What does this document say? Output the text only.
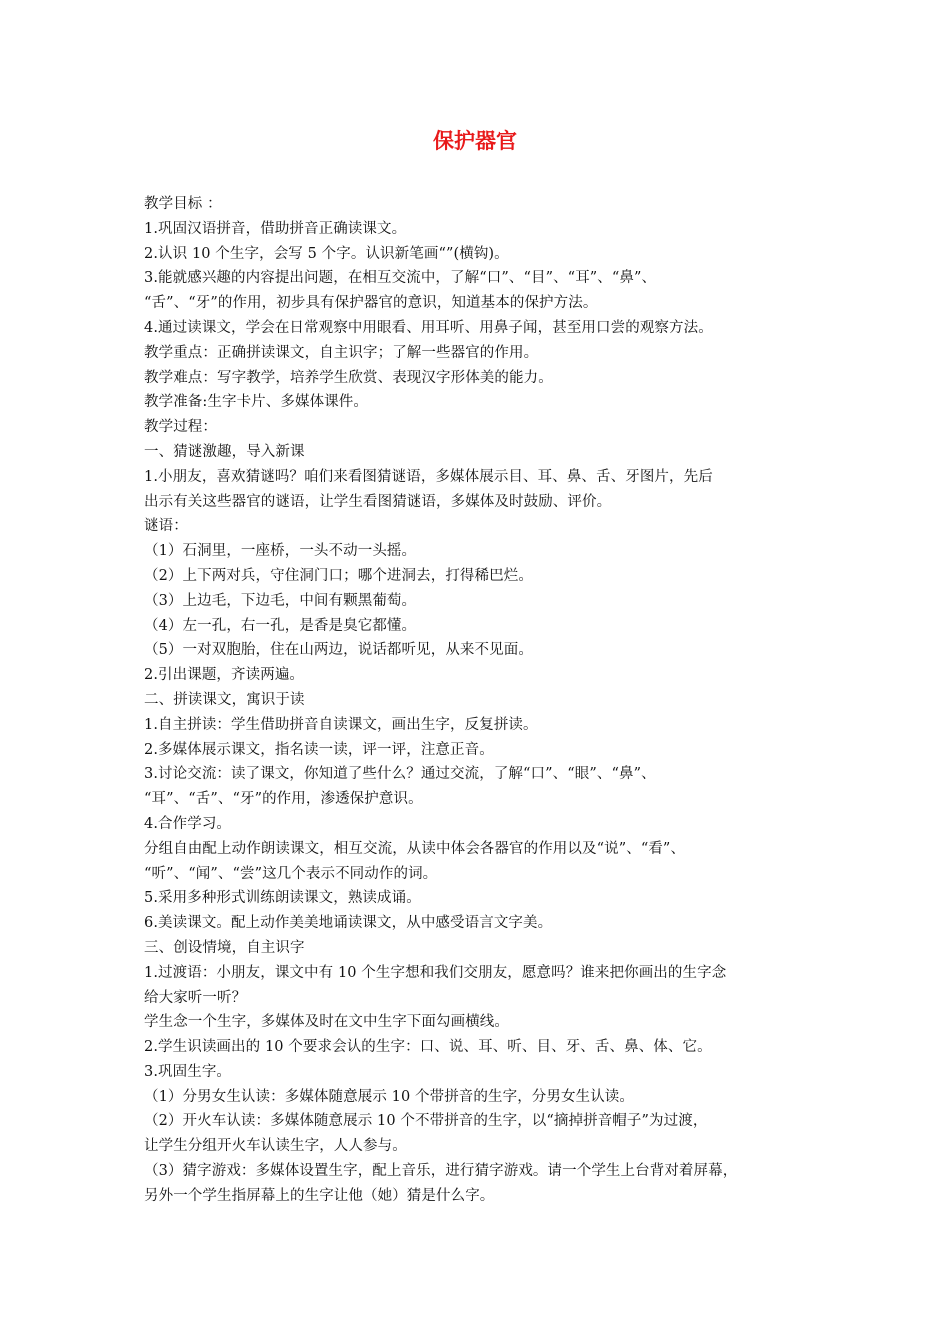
保护器官
教学目标 ：
1.巩固汉语拼音，借助拼音正确读课文。
2.认识 10 个生字，会写 5 个字。认识新笔画“”(横钩)。
3.能就感兴趣的内容提出问题，在相互交流中，了解“口”、“目”、“耳”、“鼻”、
“舌”、“牙”的作用，初步具有保护器官的意识，知道基本的保护方法。
4.通过读课文，学会在日常观察中用眼看、用耳听、用鼻子闻，甚至用口尝的观察方法。
教学重点：正确拼读课文，自主识字；了解一些器官的作用。
教学难点：写字教学，培养学生欣赏、表现汉字形体美的能力。
教学准备:生字卡片、多媒体课件。
教学过程：
一、猜谜激趣，导入新课
1.小朋友，喜欢猜谜吗？咱们来看图猜谜语，多媒体展示目、耳、鼻、舌、牙图片，先后
出示有关这些器官的谜语，让学生看图猜谜语，多媒体及时鼓励、评价。
谜语：
（1）石洞里，一座桥，一头不动一头摇。
（2）上下两对兵，守住洞门口；哪个进洞去，打得稀巴烂。
（3）上边毛，下边毛，中间有颗黑葡萄。
（4）左一孔，右一孔，是香是臭它都懂。
（5）一对双胞胎，住在山两边，说话都听见，从来不见面。
2.引出课题，齐读两遍。
二、拼读课文，寓识于读
1.自主拼读：学生借助拼音自读课文，画出生字，反复拼读。
2.多媒体展示课文，指名读一读，评一评，注意正音。
3.讨论交流：读了课文，你知道了些什么？通过交流，了解“口”、“眼”、“鼻”、
“耳”、“舌”、“牙”的作用，渗透保护意识。
4.合作学习。
分组自由配上动作朗读课文，相互交流，从读中体会各器官的作用以及“说”、“看”、
“听”、“闻”、“尝”这几个表示不同动作的词。
5.采用多种形式训练朗读课文，熟读成诵。
6.美读课文。配上动作美美地诵读课文，从中感受语言文字美。
三、创设情境，自主识字
1.过渡语：小朋友，课文中有 10 个生字想和我们交朋友，愿意吗？谁来把你画出的生字念
给大家听一听？
学生念一个生字，多媒体及时在文中生字下面勾画横线。
2.学生识读画出的 10 个要求会认的生字：口、说、耳、听、目、牙、舌、鼻、体、它。
3.巩固生字。
（1）分男女生认读：多媒体随意展示 10 个带拼音的生字，分男女生认读。
（2）开火车认读：多媒体随意展示 10 个不带拼音的生字，以“摘掉拼音帽子”为过渡，
让学生分组开火车认读生字，人人参与。
（3）猜字游戏：多媒体设置生字，配上音乐，进行猜字游戏。请一个学生上台背对着屏幕，
另外一个学生指屏幕上的生字让他（她）猜是什么字。
